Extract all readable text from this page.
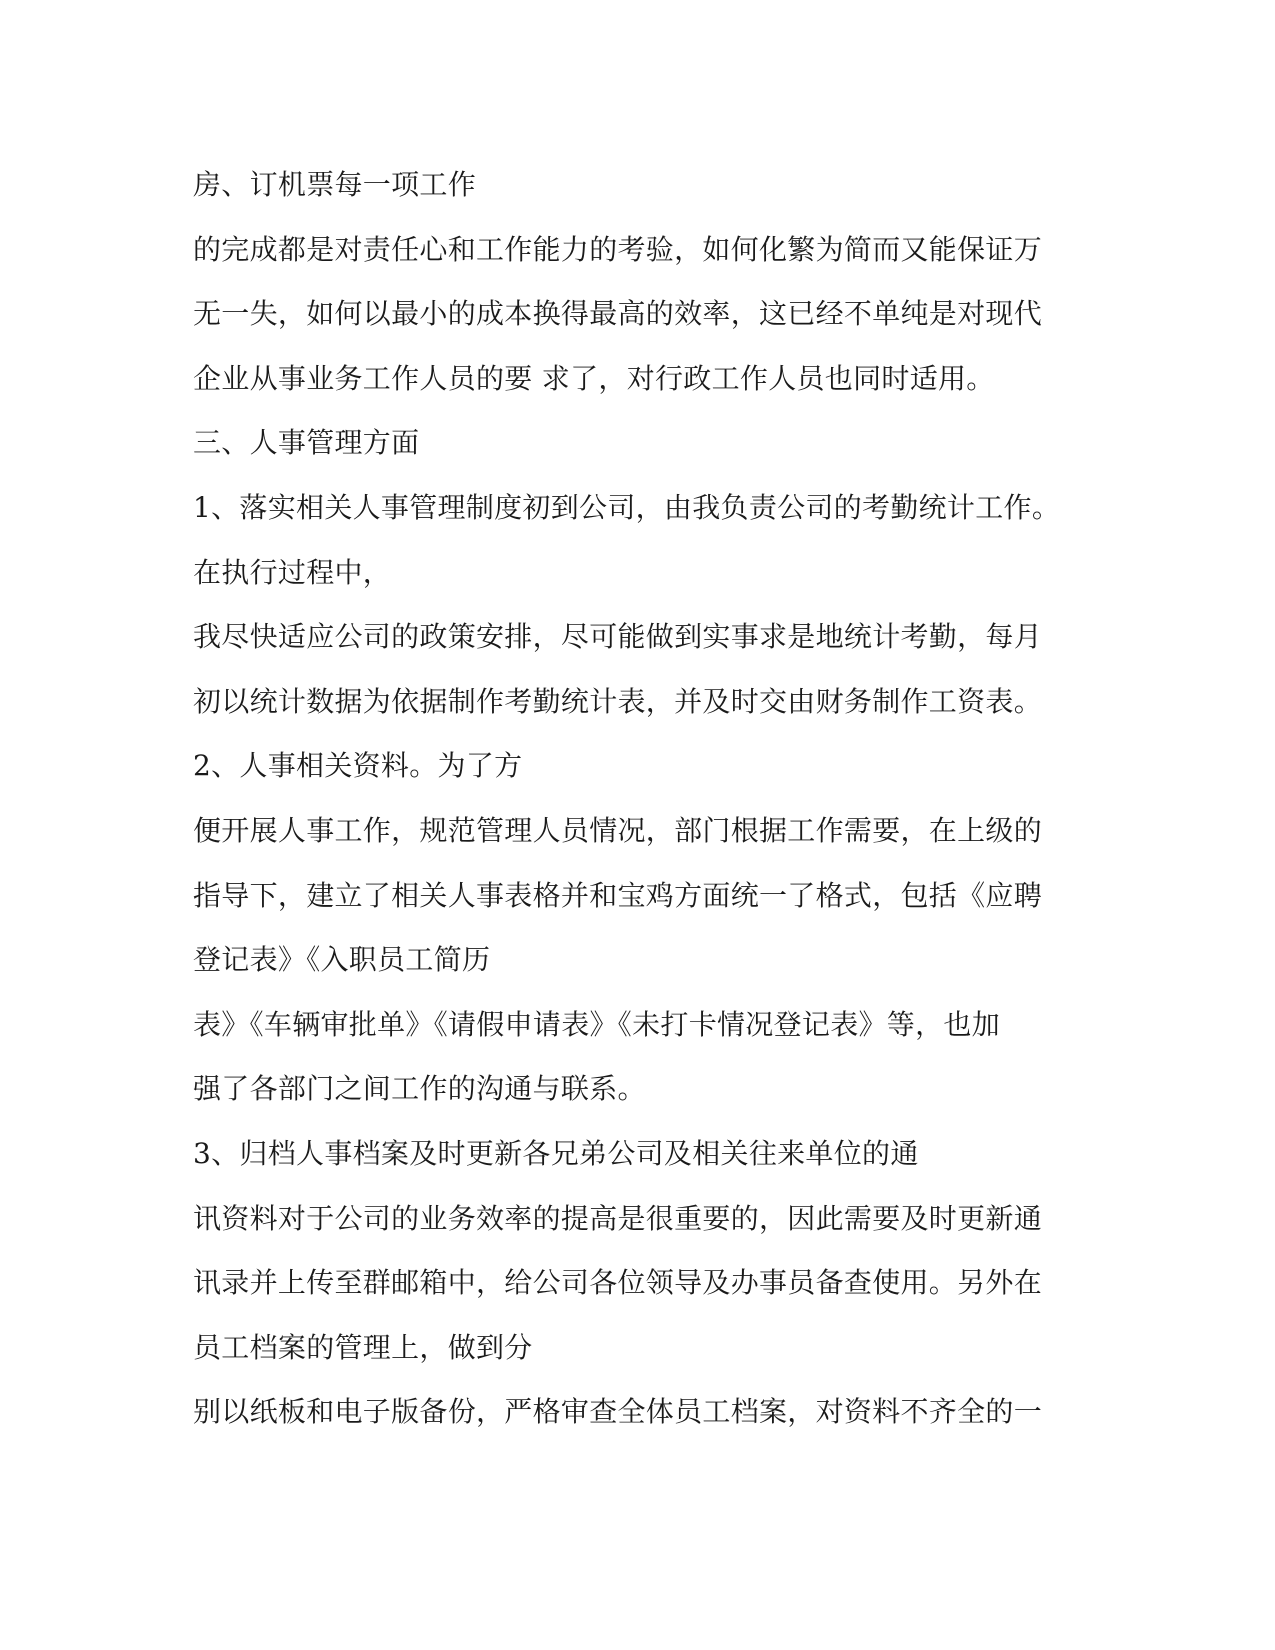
房、订机票每一项工作
的完成都是对责任心和工作能力的考验，如何化繁为简而又能保证万
无一失，如何以最小的成本换得最高的效率，这已经不单纯是对现代
企业从事业务工作人员的要 求了，对行政工作人员也同时适用。
三、人事管理方面
1、落实相关人事管理制度初到公司，由我负责公司的考勤统计工作。
在执行过程中，
我尽快适应公司的政策安排，尽可能做到实事求是地统计考勤，每月
初以统计数据为依据制作考勤统计表，并及时交由财务制作工资表。
2、人事相关资料。为了方
便开展人事工作，规范管理人员情况，部门根据工作需要，在上级的
指导下，建立了相关人事表格并和宝鸡方面统一了格式，包括《应聘
登记表》《入职员工简历
表》《车辆审批单》《请假申请表》《未打卡情况登记表》等，也加
强了各部门之间工作的沟通与联系。
3、归档人事档案及时更新各兄弟公司及相关往来单位的通
讯资料对于公司的业务效率的提高是很重要的，因此需要及时更新通
讯录并上传至群邮箱中，给公司各位领导及办事员备查使用。另外在
员工档案的管理上，做到分
别以纸板和电子版备份，严格审查全体员工档案，对资料不齐全的一
